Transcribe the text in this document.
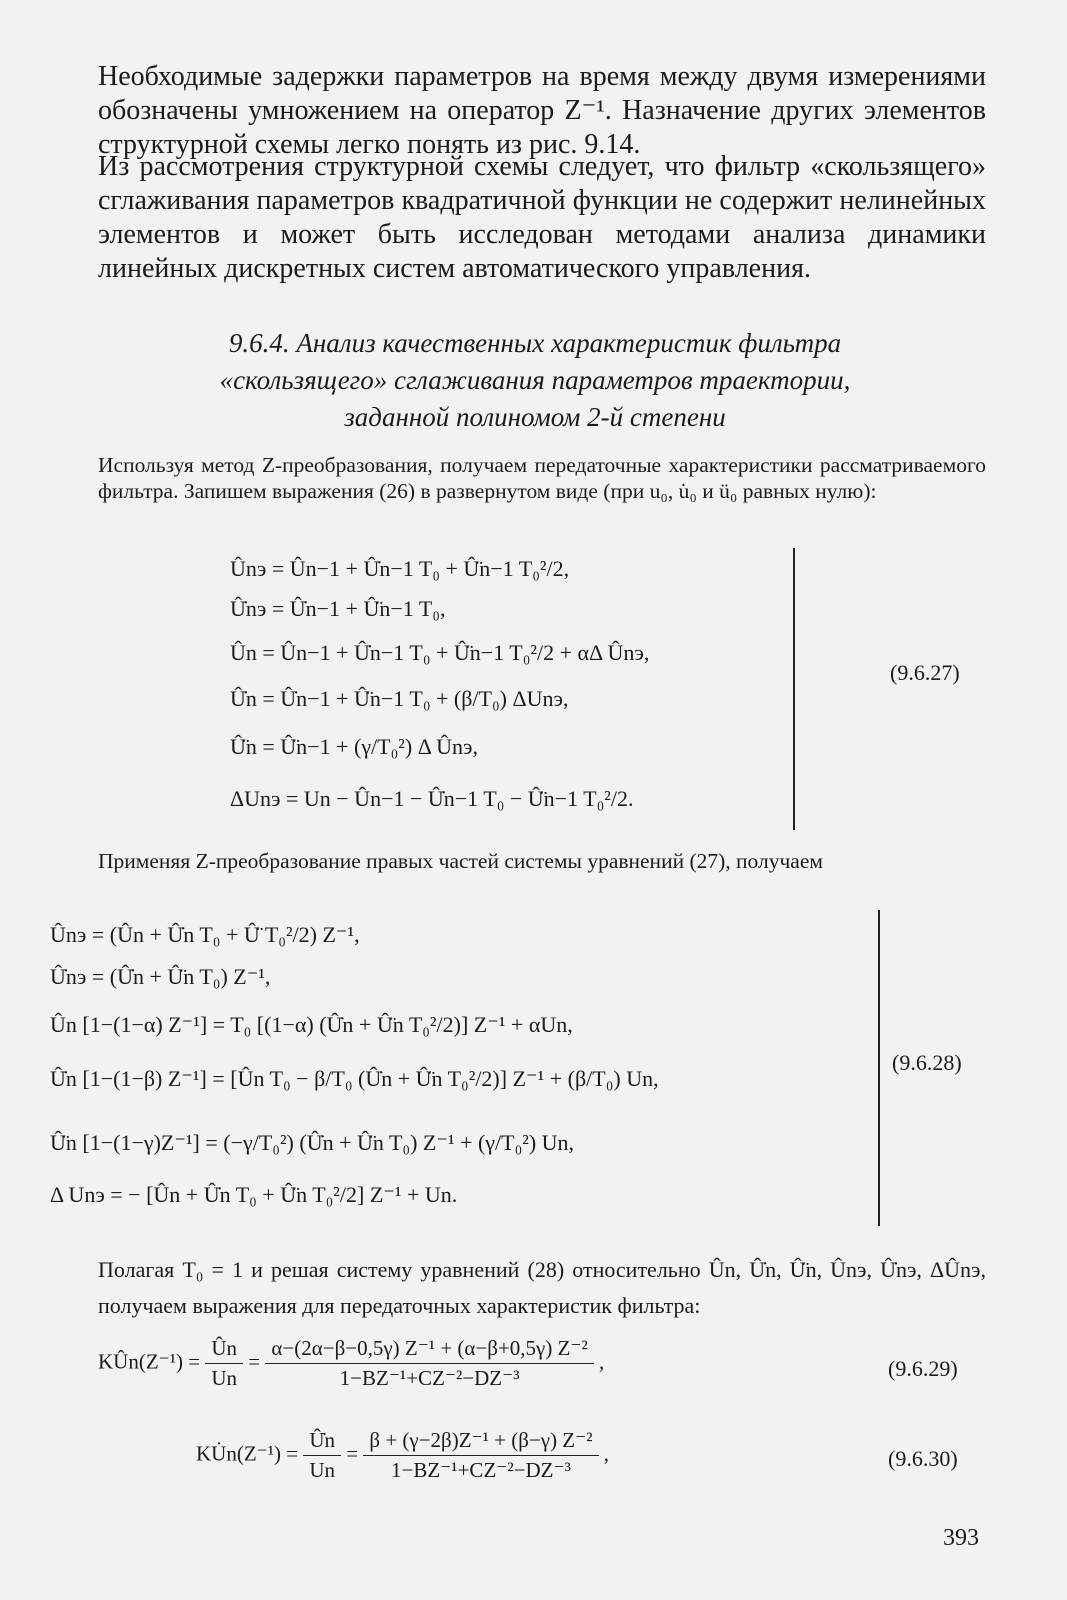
Необходимые задержки параметров на время между двумя измерениями обозначены умножением на оператор Z⁻¹. Назначение других элементов структурной схемы легко понять из рис. 9.14.
Из рассмотрения структурной схемы следует, что фильтр «скользящего» сглаживания параметров квадратичной функции не содержит нелинейных элементов и может быть исследован методами анализа динамики линейных дискретных систем автоматического управления.
9.6.4. Анализ качественных характеристик фильтра
«скользящего» сглаживания параметров траектории,
заданной полиномом 2-й степени
Используя метод Z-преобразования, получаем передаточные характеристики рассматриваемого фильтра. Запишем выражения (26) в развернутом виде (при u₀, u̇₀ и ü₀ равных нулю):
Ûnэ = Ûn−1 + Û̇n−1 T₀ + Û̈n−1 T₀²/2,
Û̇nэ = Û̇n−1 + Û̈n−1 T₀,
Ûn = Ûn−1 + Û̇n−1 T₀ + Û̈n−1 T₀²/2 + αΔ Ûnэ,
Û̇n = Û̇n−1 + Û̈n−1 T₀ + (β/T₀) ΔUnэ,
Û̈n = Û̈n−1 + (γ/T₀²) Δ Ûnэ,
ΔUnэ = Un − Ûn−1 − Û̇n−1 T₀ − Û̈n−1 T₀²/2.
(9.6.27)
Применяя Z-преобразование правых частей системы уравнений (27), получаем
Ûnэ = (Ûn + Û̇n T₀ + Û̈ T₀²/2) Z⁻¹,
Û̇nэ = (Û̇n + Û̈n T₀) Z⁻¹,
Ûn [1−(1−α) Z⁻¹] = T₀ [(1−α) (Û̇n + Û̈n T₀²/2)] Z⁻¹ + αUn,
Û̇n [1−(1−β) Z⁻¹] = [Ûn T₀ − β/T₀ (Û̇n + Û̈n T₀²/2)] Z⁻¹ + (β/T₀) Un,
Û̈n [1−(1−γ)Z⁻¹] = (−γ/T₀²) (Û̇n + Û̈n T₀) Z⁻¹ + (γ/T₀²) Un,
Δ Unэ = − [Ûn + Û̇n T₀ + Û̈n T₀²/2] Z⁻¹ + Un.
(9.6.28)
Полагая T₀ = 1 и решая систему уравнений (28) относительно Ûn, Û̇n, Û̈n, Ûnэ, Û̇nэ, ΔÛnэ, получаем выражения для передаточных характеристик фильтра:
KÛn(Z⁻¹) = $\frac{Ûn}{Un} = \frac{\text{α−(2α−β−0,5γ) Z⁻¹ + (α−β+0,5γ) Z⁻²}}{\text{1−BZ⁻¹+CZ⁻²−DZ⁻³}}$ ,	(9.6.29)
KU̇n(Z⁻¹) = $\frac{Û̇n}{Un} = \frac{\text{β + (γ−2β)Z⁻¹ + (β−γ) Z⁻²}}{\text{1−BZ⁻¹+CZ⁻²−DZ⁻³}}$ ,	(9.6.30)
393
